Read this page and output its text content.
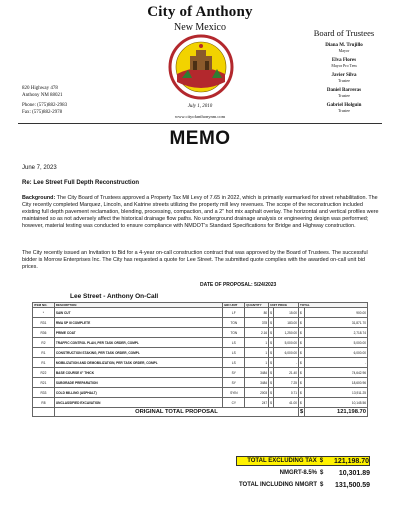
City of Anthony
New Mexico
820 Highway 478
Anthony NM 88021
Phone: (575)882-2983
Fax: (575)882-2978
July 1, 2010
www.cityofanthonynm.com
Board of Trustees
Diana M. Trujillo
Mayor
Elva Flores
Mayor Pro Tem
Javier Silva
Trustee
Daniel Barreras
Trustee
Gabriel Holguin
Trustee
MEMO
June 7, 2023
Re: Lee Street Full Depth Reconstruction
Background: The City Board of Trustees approved a Property Tax Mil Levy of 7.65 in 2022, which is primarily earmarked for street rehabilitation. The City recently completed Marquez, Lincoln, and Katrine streets utilizing the property mill levy revenues. The scope of the reconstruction included existing full depth pavement reclamation, blending, processing, compaction, and a 2" hot mix asphalt overlay. The horizontal and vertical profiles were maintained so as not adversely affect the historical drainage flow paths. No underground drainage analysis or engineering design was performed; however, material testing was conducted to ensure compliance with NMDOT's Standard Specifications for Bridge and Highway construction.
The City recently issued an Invitation to Bid for a 4-year on-call construction contract that was approved by the Board of Trustees. The successful bidder is Morrow Enterprises Inc. The City has requested a quote for Lee Street. The submitted quote complies with the awarded on-call unit bid prices.
DATE OF PROPOSAL: 5/24/2023
Lee Street - Anthony On-Call
ITEM NO.	DESCRIPTION	BID UNIT	QUANTITY	UNIT PRICE		TOTAL	
*	SAW CUT	LF	80	$	15.00	$	900.00
R31	RMA SP III COMPLETE	TON	378	$	183.00	$	31,871.70
R36	PRIME COAT	TON	2.16	$	1,250.00	$	2,718.74
R2	TRAFFIC CONTROL PLAN, PER TASK ORDER, COMPL	LS	1	$	5,000.00	$	5,000.00
R1	CONSTRUCTION STAKING, PER TASK ORDER, COMPL	LS	1	$	6,000.00	$	6,000.00
R1	MOBILIZATION AND DEMOBILIZATION, PER TASK ORDER, COMPL	LS	1	$	-	$	-
R22	BASE COURSE 6" THICK	SY	3484	$	21.40	$	74,642.96
R21	SUBGRADE PREPARATION	SY	3484	$	7.25	$	18,600.96
R33	COLD MILLING (ASPHALT)	SYIN	2003	$	0.71	$	13,911.25
R8	UNCLASSIFIED EXCAVATION	CY	247	$	41.00	$	10,145.56
	ORIGINAL TOTAL PROPOSAL					$	121,198.70
TOTAL EXCLUDING TAX $	121,198.70
NMGRT-8.5% $	10,301.89
TOTAL INCLUDING NMGRT $	131,500.59
